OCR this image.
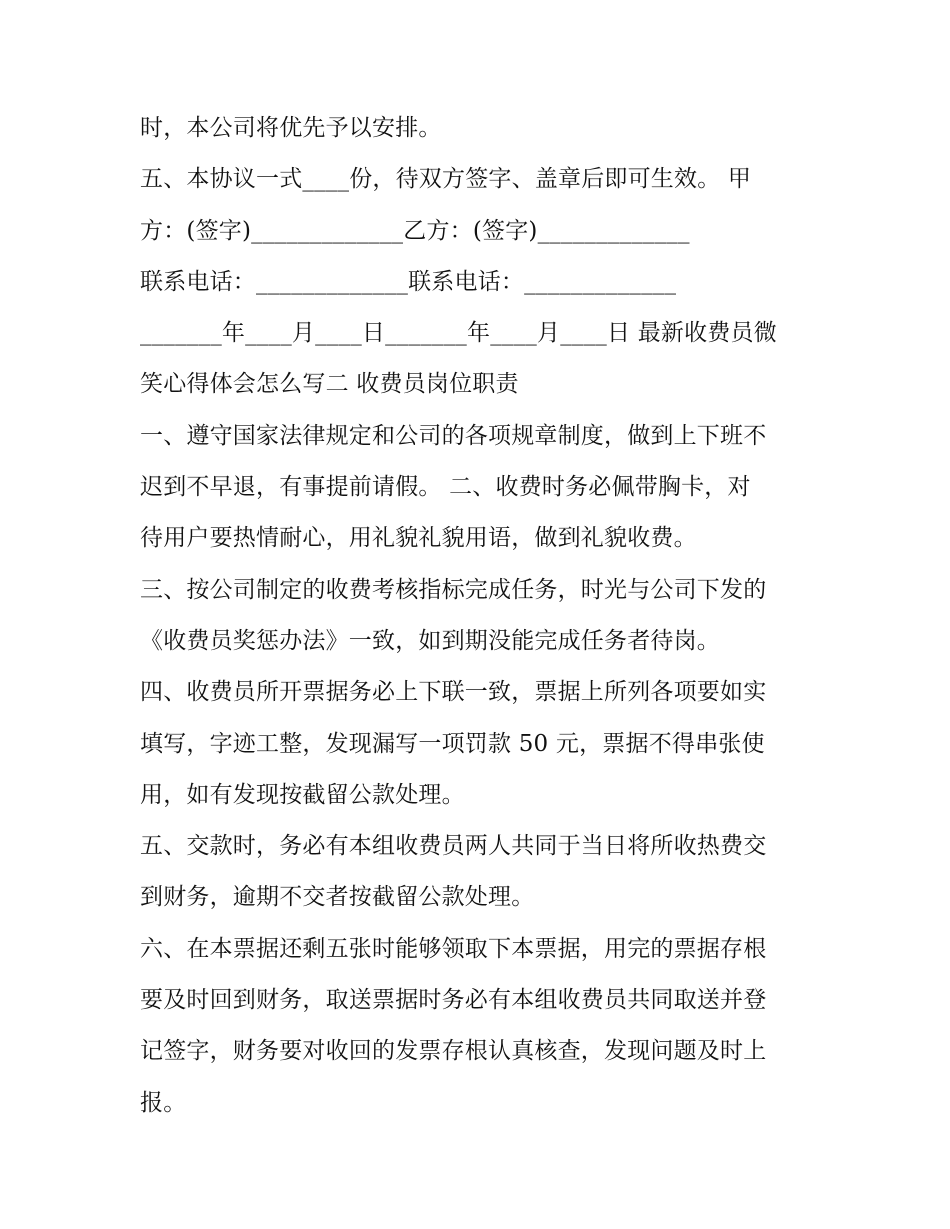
时，本公司将优先予以安排。
五、本协议一式____份，待双方签字、盖章后即可生效。 甲
方：(签字)_____________乙方：(签字)_____________
联系电话：_____________联系电话：_____________
_______年____月____日_______年____月____日 最新收费员微
笑心得体会怎么写二 收费员岗位职责
一、遵守国家法律规定和公司的各项规章制度，做到上下班不
迟到不早退，有事提前请假。 二、收费时务必佩带胸卡，对
待用户要热情耐心，用礼貌礼貌用语，做到礼貌收费。
三、按公司制定的收费考核指标完成任务，时光与公司下发的
《收费员奖惩办法》一致，如到期没能完成任务者待岗。
四、收费员所开票据务必上下联一致，票据上所列各项要如实
填写，字迹工整，发现漏写一项罚款 50 元，票据不得串张使
用，如有发现按截留公款处理。
五、交款时，务必有本组收费员两人共同于当日将所收热费交
到财务，逾期不交者按截留公款处理。
六、在本票据还剩五张时能够领取下本票据，用完的票据存根
要及时回到财务，取送票据时务必有本组收费员共同取送并登
记签字，财务要对收回的发票存根认真核查，发现问题及时上
报。
